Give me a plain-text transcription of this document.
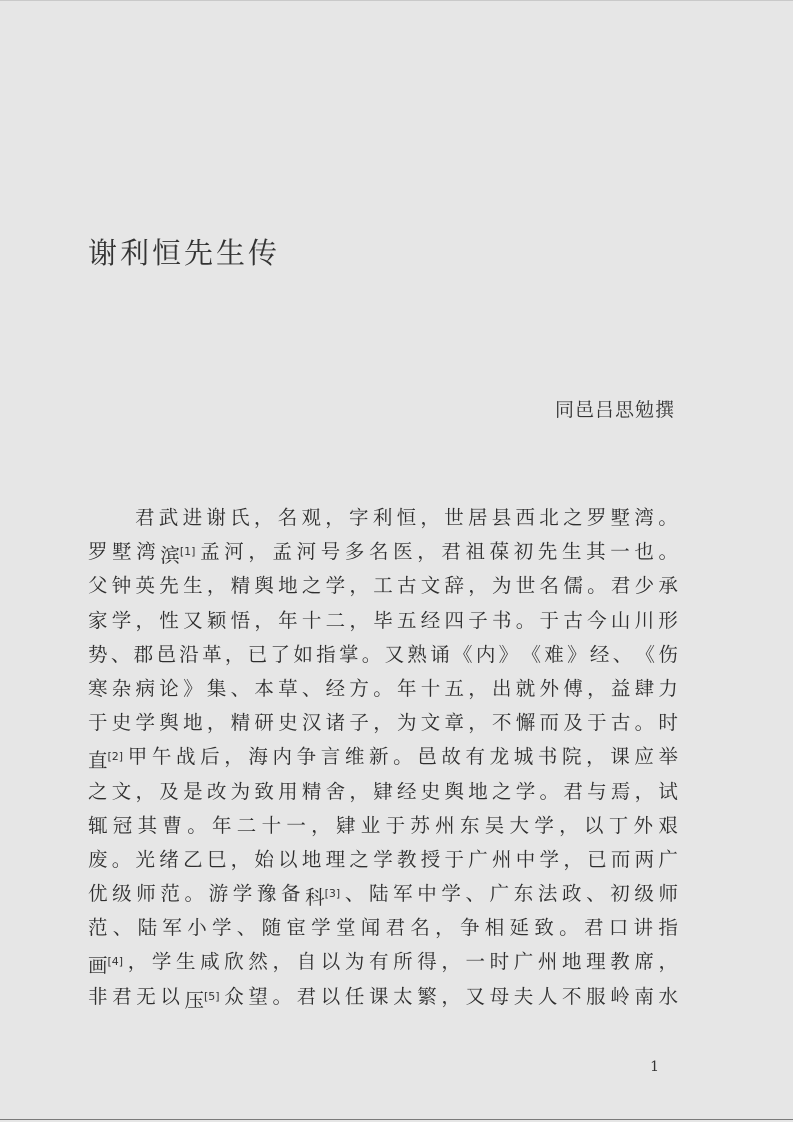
谢利恒先生传
同邑吕思勉撰
君 武 进 谢 氏 ， 名 观 ， 字 利 恒 ， 世 居 县 西 北 之 罗 墅 湾 。
罗 墅 湾 滨[1] 孟 河 ， 孟 河 号 多 名 医 ， 君 祖 葆 初 先 生 其 一 也 。
父 钟 英 先 生 ， 精 舆 地 之 学 ， 工 古 文 辞 ， 为 世 名 儒 。 君 少 承
家 学 ， 性 又 颖 悟 ， 年 十 二 ， 毕 五 经 四 子 书 。 于 古 今 山 川 形
势 、 郡 邑 沿 革 ， 已 了 如 指 掌 。 又 熟 诵 《 内 》 《 难 》 经 、 《 伤
寒 杂 病 论 》 集 、 本 草 、 经 方 。 年 十 五 ， 出 就 外 傅 ， 益 肆 力
于 史 学 舆 地 ， 精 研 史 汉 诸 子 ， 为 文 章 ， 不 懈 而 及 于 古 。 时
直[2] 甲 午 战 后 ， 海 内 争 言 维 新 。 邑 故 有 龙 城 书 院 ， 课 应 举
之 文 ， 及 是 改 为 致 用 精 舍 ， 肄 经 史 舆 地 之 学 。 君 与 焉 ， 试
辄 冠 其 曹 。 年 二 十 一 ， 肄 业 于 苏 州 东 吴 大 学 ， 以 丁 外 艰
废 。 光 绪 乙 巳 ， 始 以 地 理 之 学 教 授 于 广 州 中 学 ， 已 而 两 广
优 级 师 范 。 游 学 豫 备 科[3] 、 陆 军 中 学 、 广 东 法 政 、 初 级 师
范 、 陆 军 小 学 、 随 宦 学 堂 闻 君 名 ， 争 相 延 致 。 君 口 讲 指
画[4] ， 学 生 咸 欣 然 ， 自 以 为 有 所 得 ， 一 时 广 州 地 理 教 席 ，
非 君 无 以 压[5] 众 望 。 君 以 任 课 太 繁 ， 又 母 夫 人 不 服 岭 南 水
1
